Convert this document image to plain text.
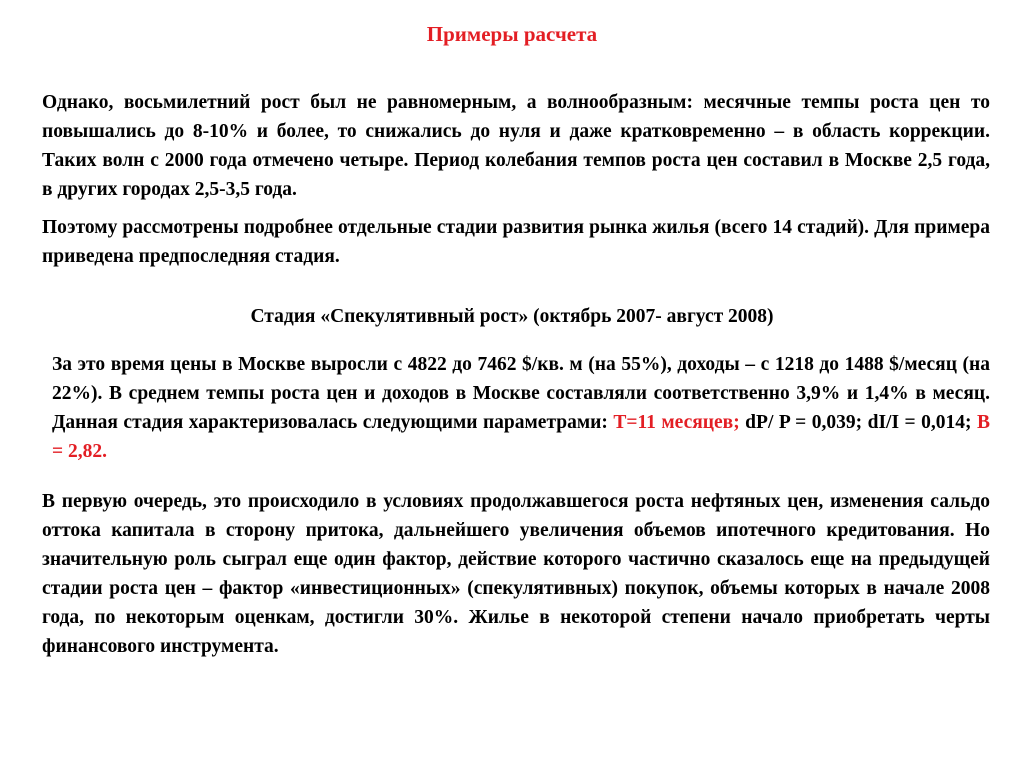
Примеры расчета

Однако, восьмилетний рост был не равномерным, а волнообразным: месячные темпы роста цен то повышались до 8-10% и более, то снижались до нуля и даже кратковременно – в область коррекции. Таких волн с 2000 года отмечено четыре. Период колебания темпов роста цен составил в Москве 2,5 года, в других городах 2,5-3,5 года.

Поэтому рассмотрены подробнее отдельные стадии развития рынка жилья (всего 14 стадий). Для примера приведена предпоследняя стадия.

Стадия «Спекулятивный рост» (октябрь 2007- август 2008)

За это время цены в Москве выросли с 4822 до 7462 $/кв. м (на 55%), доходы – с 1218 до 1488 $/месяц (на 22%). В среднем темпы роста цен и доходов в Москве составляли соответственно 3,9% и 1,4% в месяц. Данная стадия характеризовалась следующими параметрами: Т=11 месяцев; dP/ P = 0,039; dI/I = 0,014; В = 2,82.

В первую очередь, это происходило в условиях продолжавшегося роста нефтяных цен, изменения сальдо оттока капитала в сторону притока, дальнейшего увеличения объемов ипотечного кредитования. Но значительную роль сыграл еще один фактор, действие которого частично сказалось еще на предыдущей стадии роста цен – фактор «инвестиционных» (спекулятивных) покупок, объемы которых в начале 2008 года, по некоторым оценкам, достигли 30%. Жилье в некоторой степени начало приобретать черты финансового инструмента.
